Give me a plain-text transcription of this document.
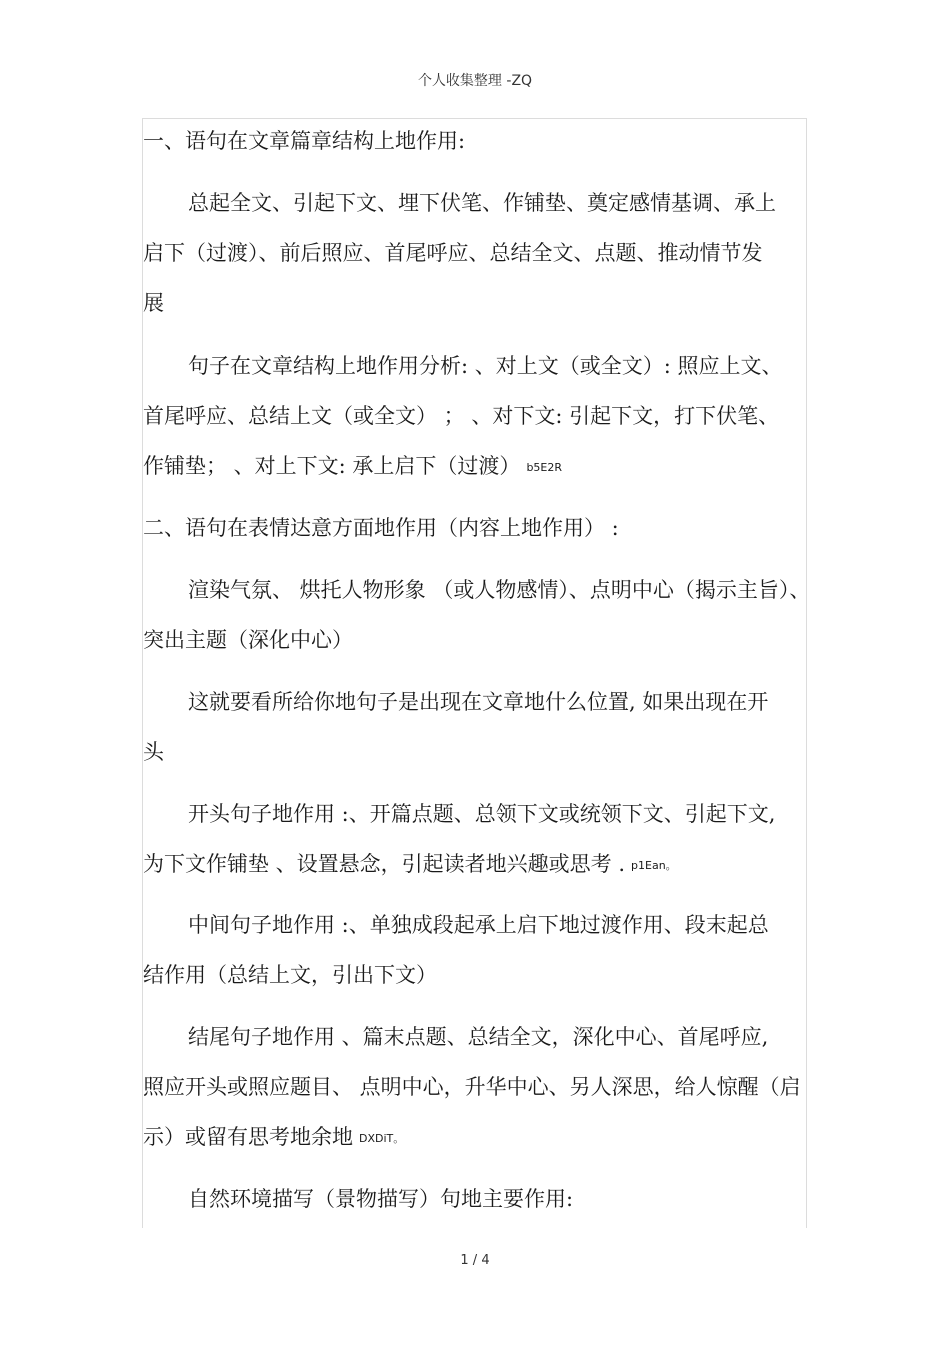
个人收集整理 -ZQ
一、语句在文章篇章结构上地作用:
总起全文、引起下文、埋下伏笔、作铺垫、奠定感情基调、承上
启下（过渡）、前后照应、首尾呼应、总结全文、点题、推动情节发
展
句子在文章结构上地作用分析: 、对上文（或全文）: 照应上文、
首尾呼应、总结上文（或全文） ； 、对下文: 引起下文，打下伏笔、
作铺垫； 、对上下文: 承上启下（过渡） b5E2R
二、语句在表情达意方面地作用（内容上地作用） :
渲染气氛、 烘托人物形象 （或人物感情）、点明中心（揭示主旨）、
突出主题（深化中心）
这就要看所给你地句子是出现在文章地什么位置, 如果出现在开
头
开头句子地作用 :、开篇点题、总领下文或统领下文、引起下文,
为下文作铺垫 、设置悬念，引起读者地兴趣或思考 . p1Ean。
中间句子地作用 :、单独成段起承上启下地过渡作用、段末起总
结作用（总结上文，引出下文）
结尾句子地作用 、篇末点题、总结全文，深化中心、首尾呼应,
照应开头或照应题目、 点明中心，升华中心、另人深思，给人惊醒（启
示）或留有思考地余地 DXDiT。
自然环境描写（景物描写）句地主要作用:
1 / 4
